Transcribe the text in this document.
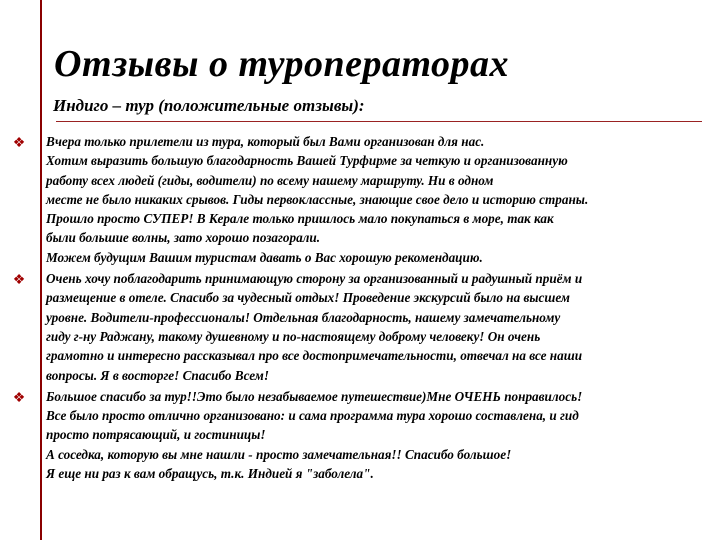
Отзывы о туроператорах
Индиго – тур (положительные отзывы):
❖ Вчера только прилетели из тура, который был Вами организован для нас.
Хотим выразить большую благодарность Вашей Турфирме за четкую и организованную
работу всех людей (гиды, водители) по всему нашему маршруту. Ни в одном
месте не было никаких срывов. Гиды первоклассные, знающие свое дело и историю страны.
Прошло просто СУПЕР! В Керале только пришлось мало покупаться в море, так как
были большие волны, зато хорошо позагорали.
Можем будущим Вашим туристам давать о Вас хорошую рекомендацию.
❖ Очень хочу поблагодарить принимающую сторону за организованный и радушный приём и
размещение в отеле. Спасибо за чудесный отдых! Проведение экскурсий было на высшем
уровне. Водители-профессионалы! Отдельная благодарность, нашему замечательному
гиду г-ну Раджану, такому душевному и по-настоящему доброму человеку! Он очень
грамотно и интересно рассказывал про все достопримечательности, отвечал на все наши
вопросы. Я в восторге! Спасибо Всем!
❖ Большое спасибо за тур!!Это было незабываемое путешествие)Мне ОЧЕНЬ понравилось!
Все было просто отлично организовано: и сама программа тура хорошо составлена, и гид
просто потрясающий, и гостиницы!
А соседка, которую вы мне нашли - просто замечательная!! Спасибо большое!
Я еще ни раз к вам обращусь, т.к. Индией я "заболела".
